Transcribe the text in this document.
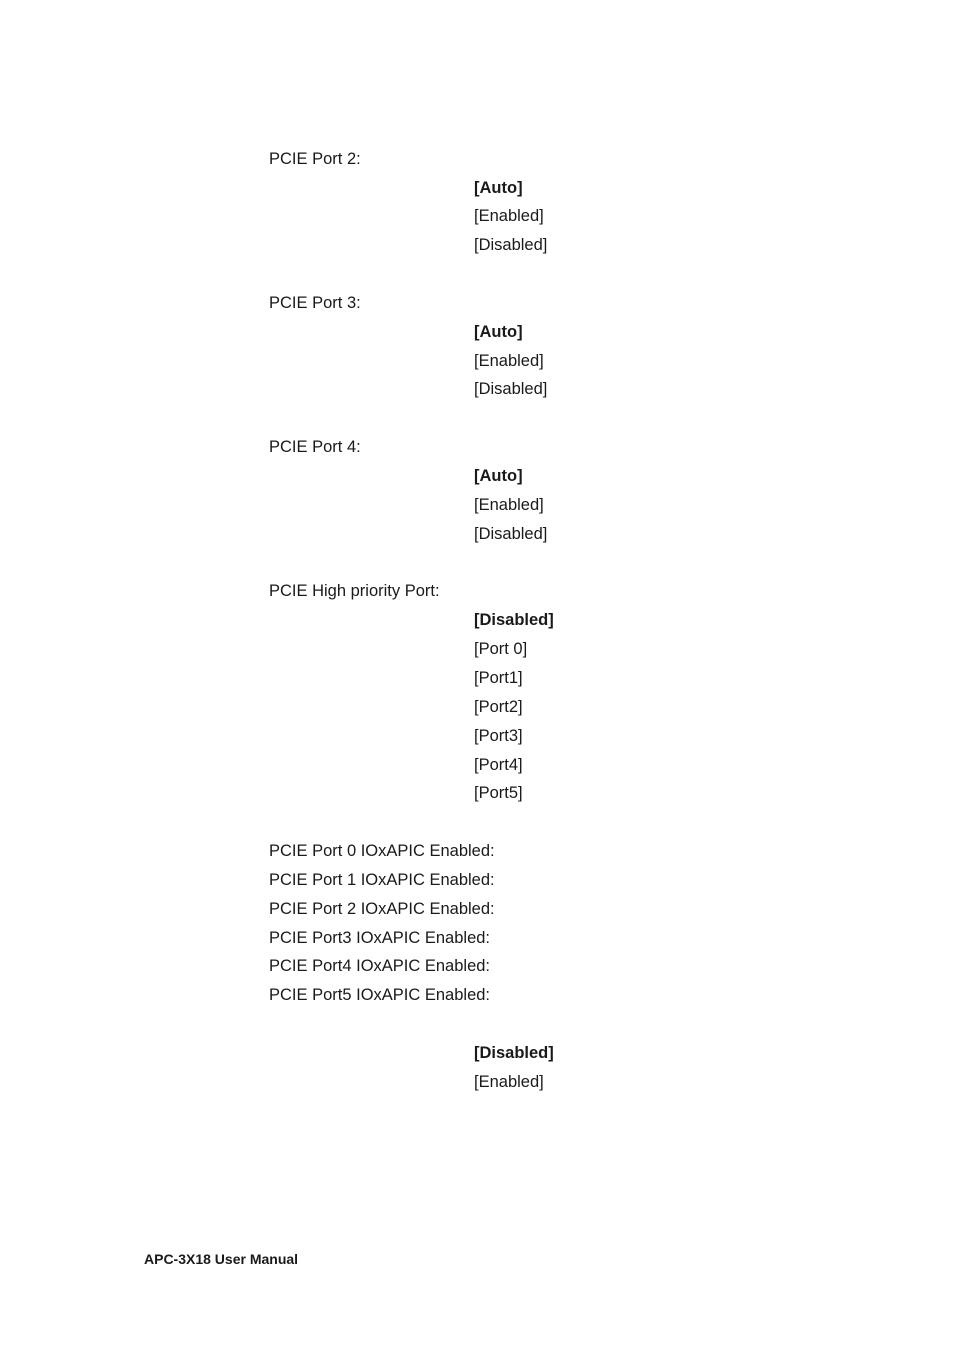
PCIE Port 2:
[Auto]
[Enabled]
[Disabled]
PCIE Port 3:
[Auto]
[Enabled]
[Disabled]
PCIE Port 4:
[Auto]
[Enabled]
[Disabled]
PCIE High priority Port:
[Disabled]
[Port 0]
[Port1]
[Port2]
[Port3]
[Port4]
[Port5]
PCIE Port 0 IOxAPIC Enabled:
PCIE Port 1 IOxAPIC Enabled:
PCIE Port 2 IOxAPIC Enabled:
PCIE Port3 IOxAPIC Enabled:
PCIE Port4 IOxAPIC Enabled:
PCIE Port5 IOxAPIC Enabled:
[Disabled]
[Enabled]
APC-3X18 User Manual
